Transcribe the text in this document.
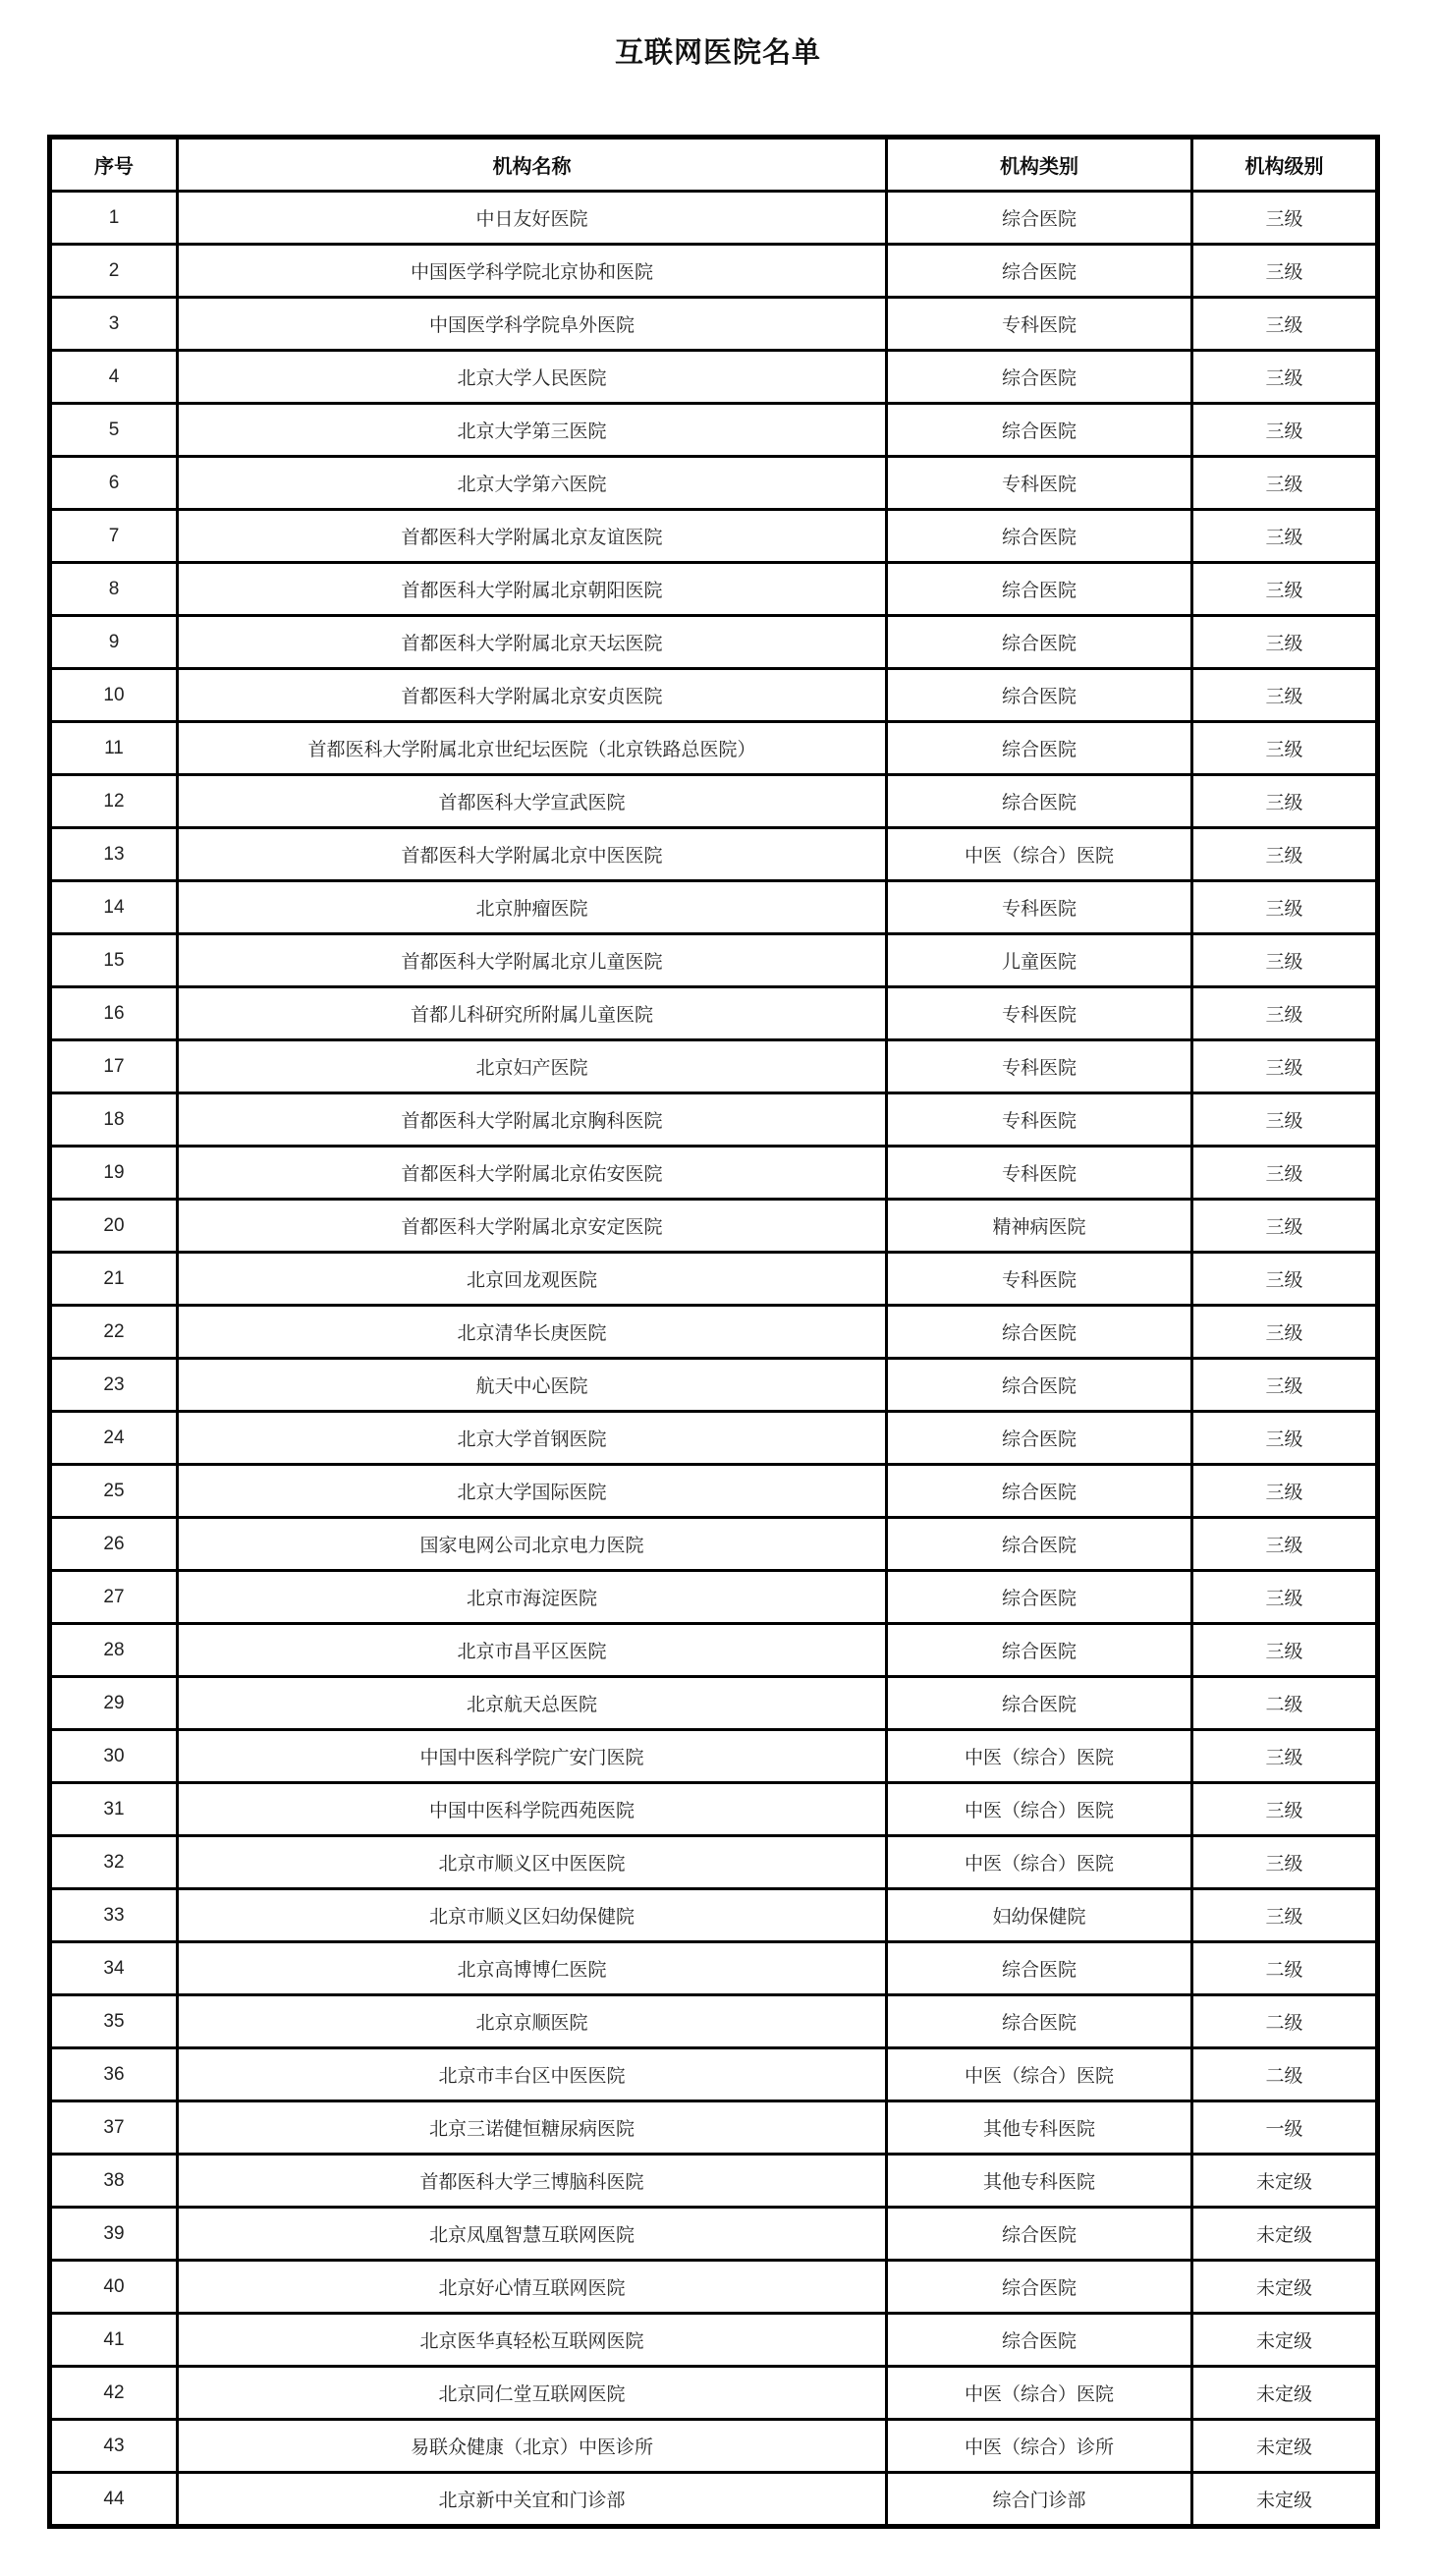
互联网医院名单
序号	机构名称	机构类别	机构级别
1	中日友好医院	综合医院	三级
2	中国医学科学院北京协和医院	综合医院	三级
3	中国医学科学院阜外医院	专科医院	三级
4	北京大学人民医院	综合医院	三级
5	北京大学第三医院	综合医院	三级
6	北京大学第六医院	专科医院	三级
7	首都医科大学附属北京友谊医院	综合医院	三级
8	首都医科大学附属北京朝阳医院	综合医院	三级
9	首都医科大学附属北京天坛医院	综合医院	三级
10	首都医科大学附属北京安贞医院	综合医院	三级
11	首都医科大学附属北京世纪坛医院（北京铁路总医院）	综合医院	三级
12	首都医科大学宣武医院	综合医院	三级
13	首都医科大学附属北京中医医院	中医（综合）医院	三级
14	北京肿瘤医院	专科医院	三级
15	首都医科大学附属北京儿童医院	儿童医院	三级
16	首都儿科研究所附属儿童医院	专科医院	三级
17	北京妇产医院	专科医院	三级
18	首都医科大学附属北京胸科医院	专科医院	三级
19	首都医科大学附属北京佑安医院	专科医院	三级
20	首都医科大学附属北京安定医院	精神病医院	三级
21	北京回龙观医院	专科医院	三级
22	北京清华长庚医院	综合医院	三级
23	航天中心医院	综合医院	三级
24	北京大学首钢医院	综合医院	三级
25	北京大学国际医院	综合医院	三级
26	国家电网公司北京电力医院	综合医院	三级
27	北京市海淀医院	综合医院	三级
28	北京市昌平区医院	综合医院	三级
29	北京航天总医院	综合医院	二级
30	中国中医科学院广安门医院	中医（综合）医院	三级
31	中国中医科学院西苑医院	中医（综合）医院	三级
32	北京市顺义区中医医院	中医（综合）医院	三级
33	北京市顺义区妇幼保健院	妇幼保健院	三级
34	北京高博博仁医院	综合医院	二级
35	北京京顺医院	综合医院	二级
36	北京市丰台区中医医院	中医（综合）医院	二级
37	北京三诺健恒糖尿病医院	其他专科医院	一级
38	首都医科大学三博脑科医院	其他专科医院	未定级
39	北京凤凰智慧互联网医院	综合医院	未定级
40	北京好心情互联网医院	综合医院	未定级
41	北京医华真轻松互联网医院	综合医院	未定级
42	北京同仁堂互联网医院	中医（综合）医院	未定级
43	易联众健康（北京）中医诊所	中医（综合）诊所	未定级
44	北京新中关宜和门诊部	综合门诊部	未定级
